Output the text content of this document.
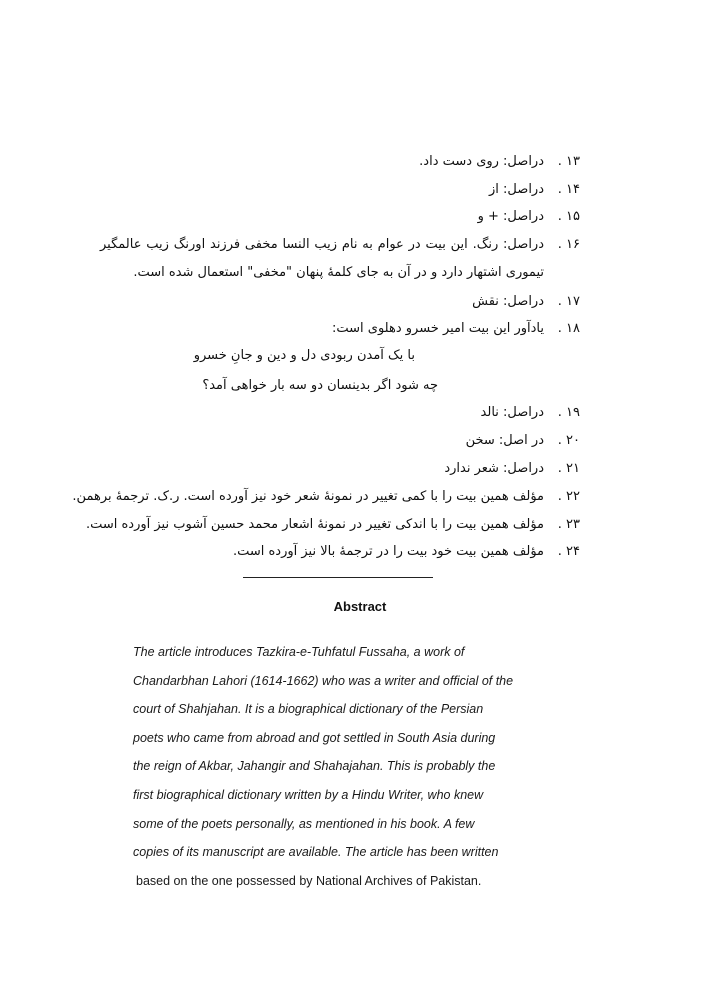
۱۳ .دراصل: روی دست داد.
۱۴ .دراصل: از
۱۵ .دراصل: + و
۱۶ .
دراصل: رنگ. این بیت در عوام به نام زیب النسا مخفی فرزند اورنگ زیب عالمگیر تیموری اشتهار دارد و در آن به جای کلمهٔ پنهان "مخفی" استعمال شده است.
۱۷ .دراصل: نقش
۱۸ .یادآور این بیت امیر خسرو دهلوی است:
با یک آمدن ربودی دل و دین و جانِ خسرو
چه شود اگر بدینسان دو سه بار خواهی آمد؟
۱۹ .دراصل: نالد
۲۰ .در اصل: سخن
۲۱ .دراصل: شعر ندارد
۲۲ .مؤلف همین بیت را با کمی تغییر در نمونهٔ شعر خود نیز آورده است. ر.ک. ترجمهٔ برهمن.
۲۳ .مؤلف همین بیت را با اندکی تغییر در نمونهٔ اشعار محمد حسین آشوب نیز آورده است.
۲۴ .مؤلف همین بیت خود بیت را در ترجمهٔ بالا نیز آورده است.
Abstract
The article introduces Tazkira-e-Tuhfatul Fussaha, a work of
Chandarbhan Lahori (1614-1662) who was a writer and official of the
court of Shahjahan. It is a biographical dictionary of the Persian
poets who came from abroad and got settled in South Asia during
the reign of Akbar, Jahangir and Shahajahan. This is probably the
first biographical dictionary written by a Hindu Writer, who knew
some of the poets personally, as mentioned in his book. A few
copies of its manuscript are available. The article has been written
based on the one possessed by National Archives of Pakistan.
